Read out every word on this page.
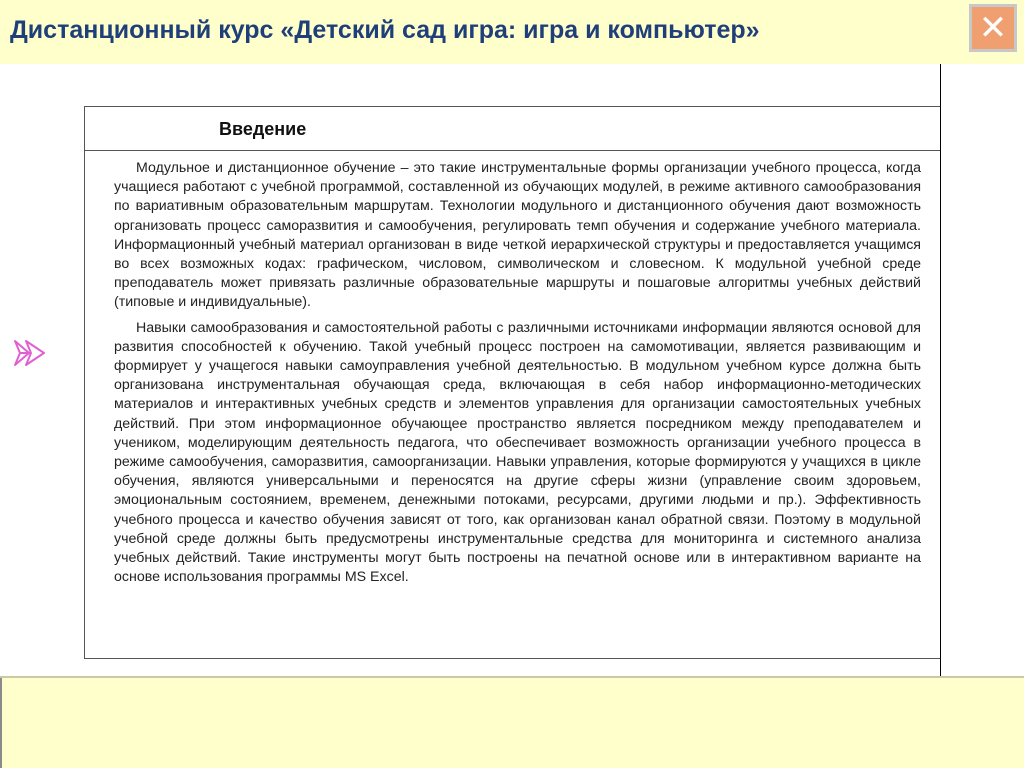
Дистанционный курс «Детский сад игра: игра и компьютер»	✕
Введение

Модульное и дистанционное обучение – это такие инструментальные формы организации учебного процесса, когда учащиеся работают с учебной программой, составленной из обучающих модулей, в режиме активного самообразования по вариативным образовательным маршрутам. Технологии модульного и дистанционного обучения дают возможность организовать процесс саморазвития и самообучения, регулировать темп обучения и содержание учебного материала. Информационный учебный материал организован в виде четкой иерархической структуры и предоставляется учащимся во всех возможных кодах: графическом, числовом, символическом и словесном. К модульной учебной среде преподаватель может привязать различные образовательные маршруты и пошаговые алгоритмы учебных действий (типовые и индивидуальные).

Навыки самообразования и самостоятельной работы с различными источниками информации являются основой для развития способностей к обучению. Такой учебный процесс построен на самомотивации, является развивающим и формирует у учащегося навыки самоуправления учебной деятельностью. В модульном учебном курсе должна быть организована инструментальная обучающая среда, включающая в себя набор информационно-методических материалов и интерактивных учебных средств и элементов управления для организации самостоятельных учебных действий. При этом информационное обучающее пространство является посредником между преподавателем и учеником, моделирующим деятельность педагога, что обеспечивает возможность организации учебного процесса в режиме самообучения, саморазвития, самоорганизации. Навыки управления, которые формируются у учащихся в цикле обучения, являются универсальными и переносятся на другие сферы жизни (управление своим здоровьем, эмоциональным состоянием, временем, денежными потоками, ресурсами, другими людьми и пр.). Эффективность учебного процесса и качество обучения зависят от того, как организован канал обратной связи. Поэтому в модульной учебной среде должны быть предусмотрены инструментальные средства для мониторинга и системного анализа учебных действий. Такие инструменты могут быть построены на печатной основе или в интерактивном варианте на основе использования программы MS Excel.
